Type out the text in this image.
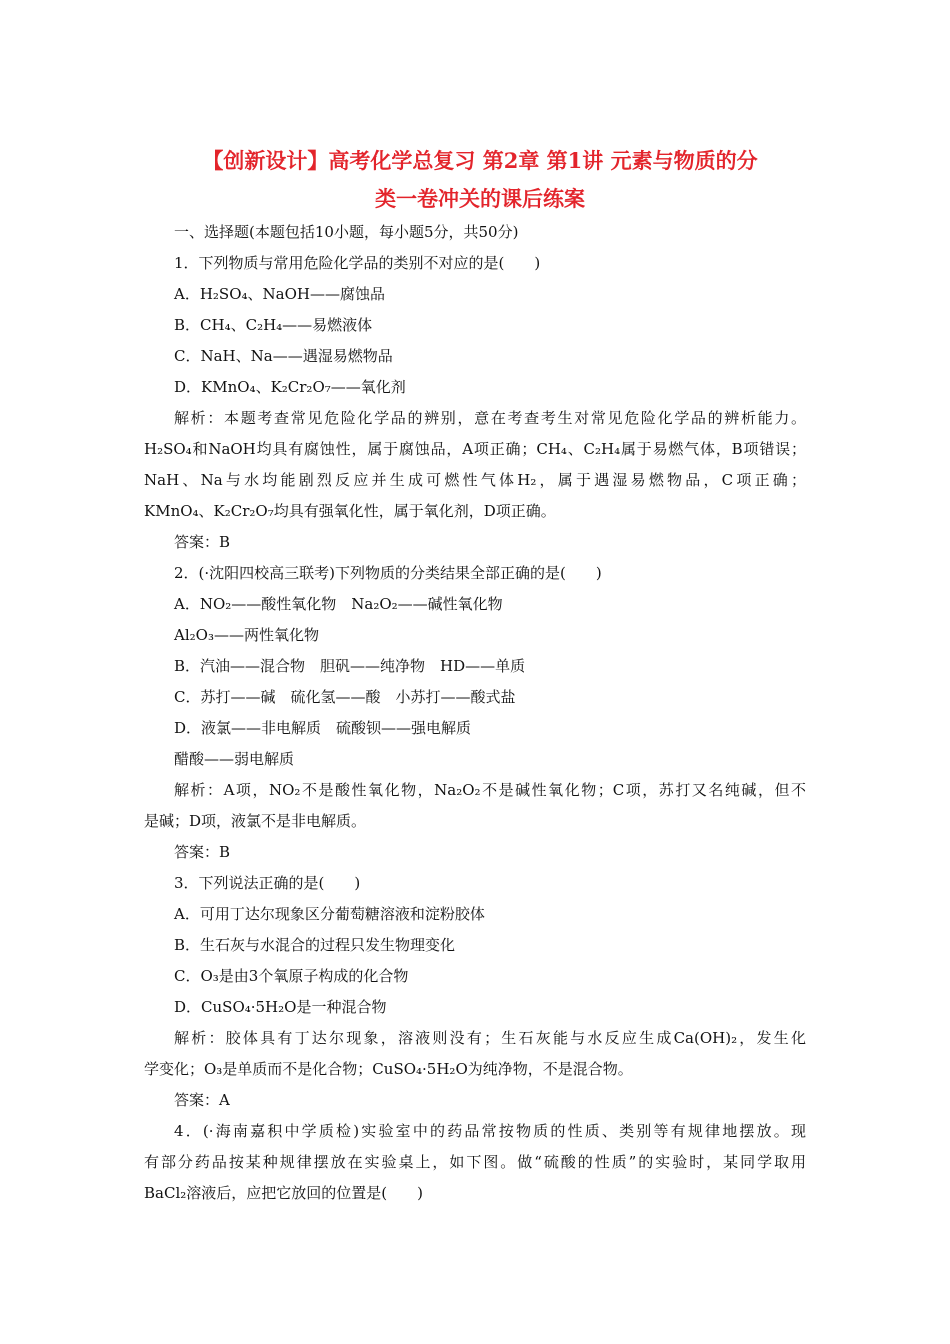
【创新设计】高考化学总复习 第2章 第1讲 元素与物质的分
类一卷冲关的课后练案
一、选择题(本题包括10小题，每小题5分，共50分)
1．下列物质与常用危险化学品的类别不对应的是(　　)
A．H₂SO₄、NaOH——腐蚀品
B．CH₄、C₂H₄——易燃液体
C．NaH、Na——遇湿易燃物品
D．KMnO₄、K₂Cr₂O₇——氧化剂
解析：本题考查常见危险化学品的辨别，意在考查考生对常见危险化学品的辨析能力。
H₂SO₄和NaOH均具有腐蚀性，属于腐蚀品，A项正确；CH₄、C₂H₄属于易燃气体，B项错误；
NaH、Na与水均能剧烈反应并生成可燃性气体H₂，属于遇湿易燃物品，C项正确；
KMnO₄、K₂Cr₂O₇均具有强氧化性，属于氧化剂，D项正确。
答案：B
2．(·沈阳四校高三联考)下列物质的分类结果全部正确的是(　　)
A．NO₂——酸性氧化物　Na₂O₂——碱性氧化物
Al₂O₃——两性氧化物
B．汽油——混合物　胆矾——纯净物　HD——单质
C．苏打——碱　硫化氢——酸　小苏打——酸式盐
D．液氯——非电解质　硫酸钡——强电解质
醋酸——弱电解质
解析：A项，NO₂不是酸性氧化物，Na₂O₂不是碱性氧化物；C项，苏打又名纯碱，但不
是碱；D项，液氯不是非电解质。
答案：B
3．下列说法正确的是(　　)
A．可用丁达尔现象区分葡萄糖溶液和淀粉胶体
B．生石灰与水混合的过程只发生物理变化
C．O₃是由3个氧原子构成的化合物
D．CuSO₄·5H₂O是一种混合物
解析：胶体具有丁达尔现象，溶液则没有；生石灰能与水反应生成Ca(OH)₂，发生化
学变化；O₃是单质而不是化合物；CuSO₄·5H₂O为纯净物，不是混合物。
答案：A
4．(·海南嘉积中学质检)实验室中的药品常按物质的性质、类别等有规律地摆放。现
有部分药品按某种规律摆放在实验桌上，如下图。做“硫酸的性质”的实验时，某同学取用
BaCl₂溶液后，应把它放回的位置是(　　)
